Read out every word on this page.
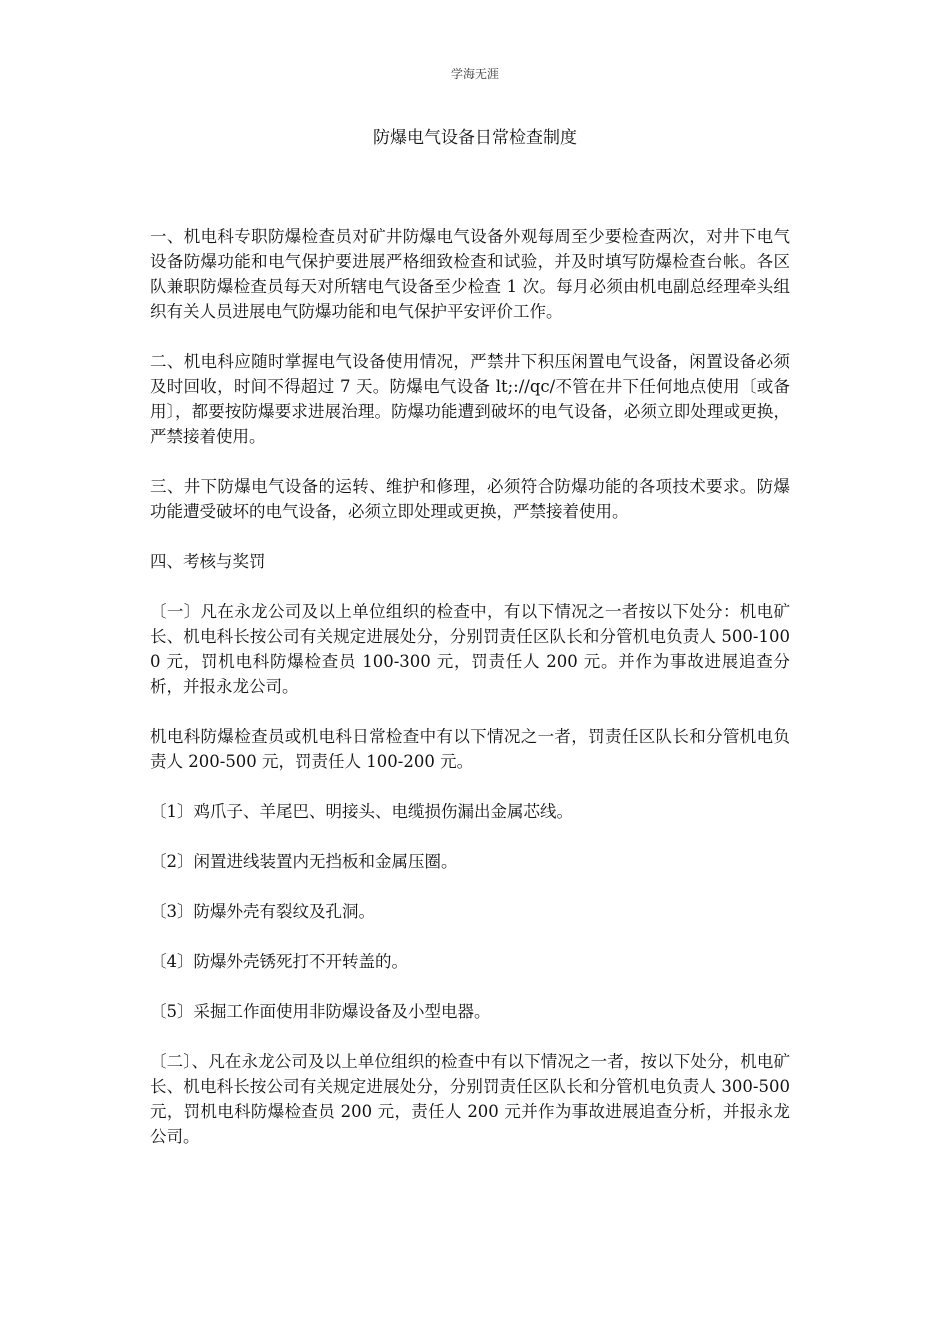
学海无涯
防爆电气设备日常检查制度

一、机电科专职防爆检查员对矿井防爆电气设备外观每周至少要检查两次，对井下电气设备防爆功能和电气保护要进展严格细致检查和试验，并及时填写防爆检查台帐。各区队兼职防爆检查员每天对所辖电气设备至少检查 1 次。每月必须由机电副总经理牵头组织有关人员进展电气防爆功能和电气保护平安评价工作。

二、机电科应随时掌握电气设备使用情况，严禁井下积压闲置电气设备，闲置设备必须及时回收，时间不得超过 7 天。防爆电气设备 lt;://qc/不管在井下任何地点使用〔或备用〕，都要按防爆要求进展治理。防爆功能遭到破坏的电气设备，必须立即处理或更换，严禁接着使用。

三、井下防爆电气设备的运转、维护和修理，必须符合防爆功能的各项技术要求。防爆功能遭受破坏的电气设备，必须立即处理或更换，严禁接着使用。

四、考核与奖罚

〔一〕凡在永龙公司及以上单位组织的检查中，有以下情况之一者按以下处分：机电矿长、机电科长按公司有关规定进展处分，分别罚责任区队长和分管机电负责人 500-1000 元，罚机电科防爆检查员 100-300 元，罚责任人 200 元。并作为事故进展追查分析，并报永龙公司。

机电科防爆检查员或机电科日常检查中有以下情况之一者，罚责任区队长和分管机电负责人 200-500 元，罚责任人 100-200 元。

〔1〕鸡爪子、羊尾巴、明接头、电缆损伤漏出金属芯线。

〔2〕闲置进线装置内无挡板和金属压圈。

〔3〕防爆外壳有裂纹及孔洞。

〔4〕防爆外壳锈死打不开转盖的。

〔5〕采掘工作面使用非防爆设备及小型电器。

〔二〕、凡在永龙公司及以上单位组织的检查中有以下情况之一者，按以下处分，机电矿长、机电科长按公司有关规定进展处分，分别罚责任区队长和分管机电负责人 300-500 元，罚机电科防爆检查员 200 元，责任人 200 元并作为事故进展追查分析，并报永龙公司。
